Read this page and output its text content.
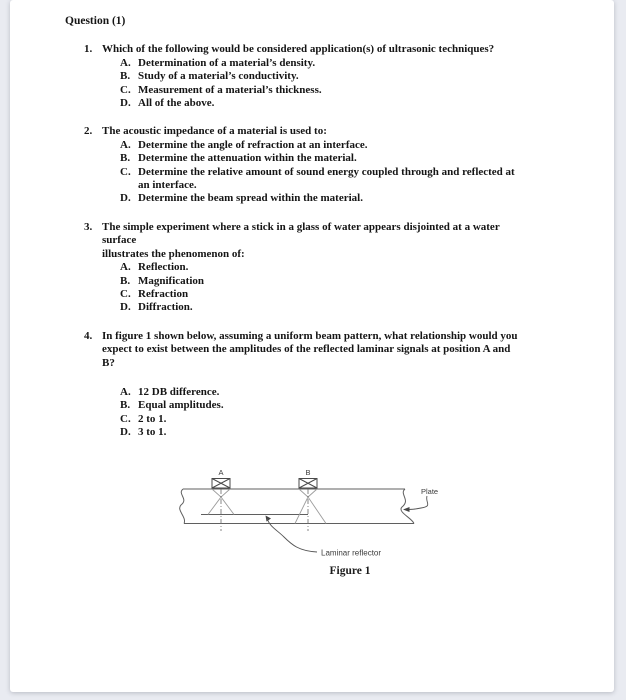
Question (1)
1. Which of the following would be considered application(s) of ultrasonic techniques?
A. Determination of a material’s density.
B. Study of a material’s conductivity.
C. Measurement of a material’s thickness.
D. All of the above.
2. The acoustic impedance of a material is used to:
A. Determine the angle of refraction at an interface.
B. Determine the attenuation within the material.
C. Determine the relative amount of sound energy coupled through and reflected at
an interface.
D. Determine the beam spread within the material.
3. The simple experiment where a stick in a glass of water appears disjointed at a water
surface
illustrates the phenomenon of:
A. Reflection.
B. Magnification
C. Refraction
D. Diffraction.
4. In figure 1 shown below, assuming a uniform beam pattern, what relationship would you
expect to exist between the amplitudes of the reflected laminar signals at position A and
B?
A. 12 DB difference.
B. Equal amplitudes.
C. 2 to 1.
D. 3 to 1.
A	B
Plate
Laminar reflector
Figure 1
